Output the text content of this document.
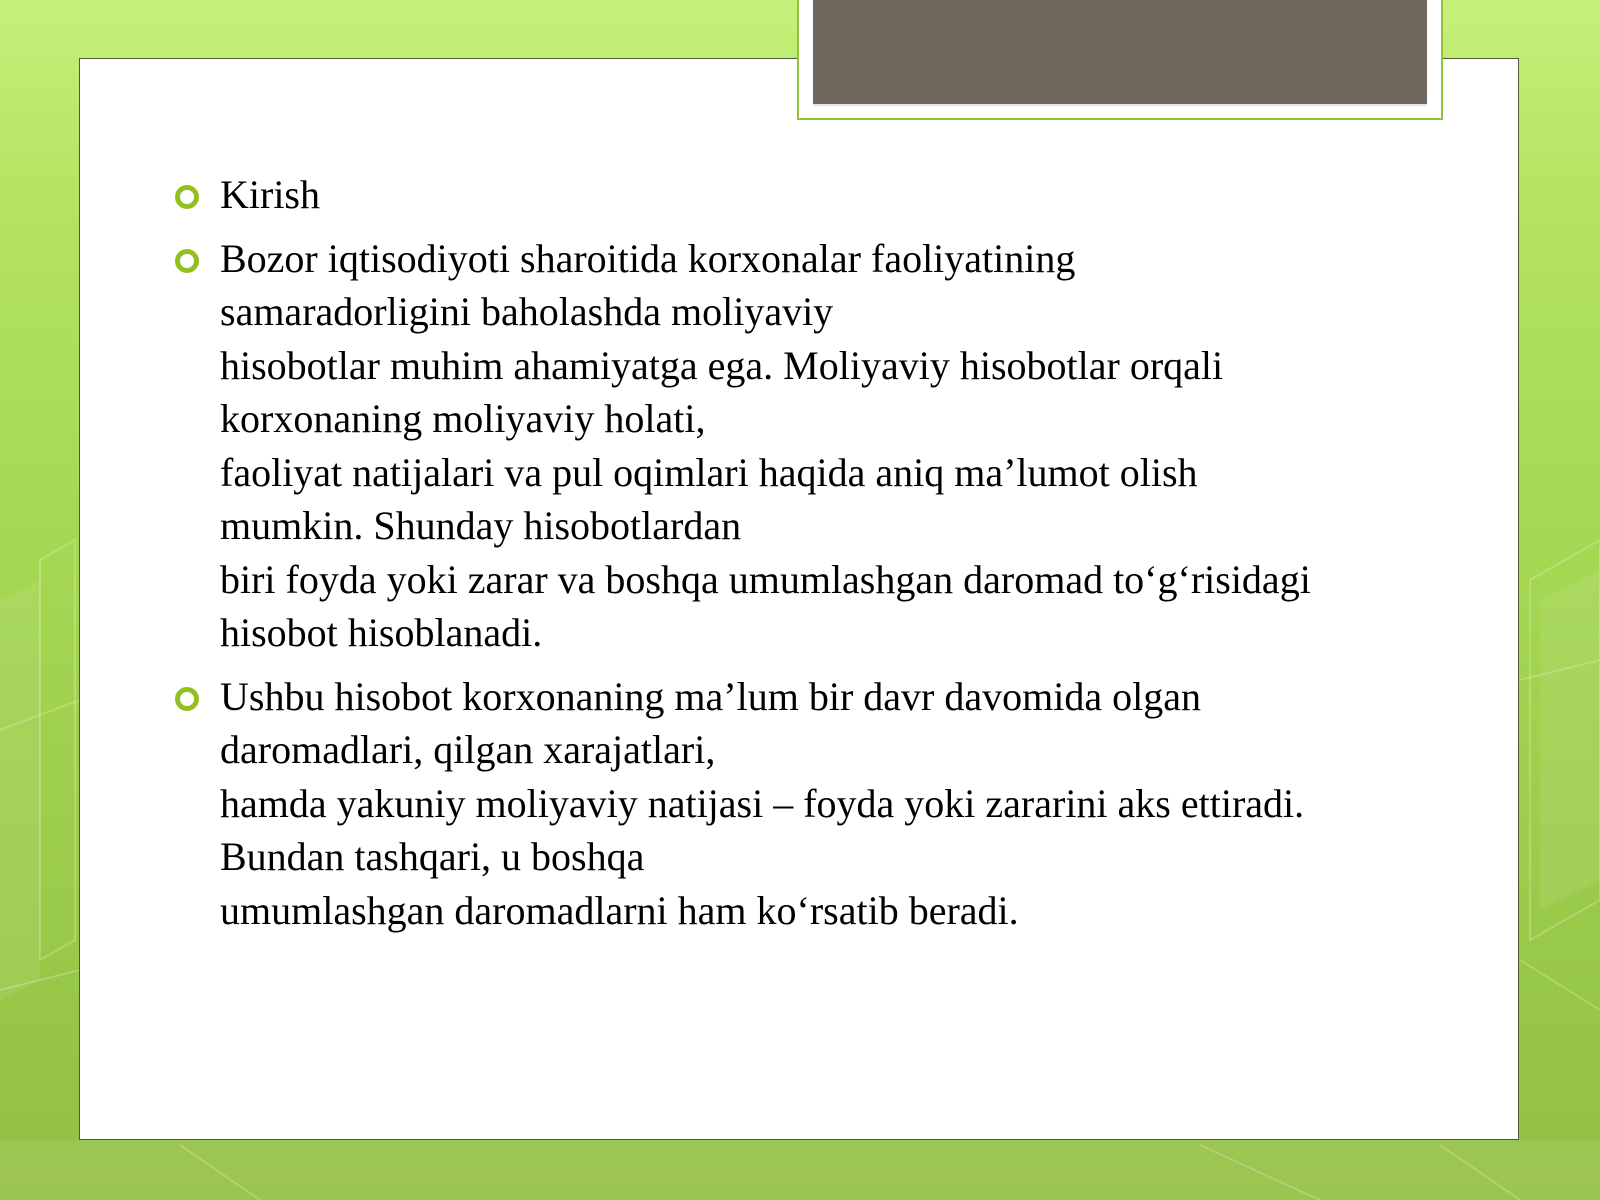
Kirish
Bozor iqtisodiyoti sharoitida korxonalar faoliyatining
samaradorligini baholashda moliyaviy
hisobotlar muhim ahamiyatga ega. Moliyaviy hisobotlar orqali
korxonaning moliyaviy holati,
faoliyat natijalari va pul oqimlari haqida aniq ma’lumot olish
mumkin. Shunday hisobotlardan
biri foyda yoki zarar va boshqa umumlashgan daromad to‘g‘risidagi
hisobot hisoblanadi.
Ushbu hisobot korxonaning ma’lum bir davr davomida olgan
daromadlari, qilgan xarajatlari,
hamda yakuniy moliyaviy natijasi – foyda yoki zararini aks ettiradi.
Bundan tashqari, u boshqa
umumlashgan daromadlarni ham ko‘rsatib beradi.
